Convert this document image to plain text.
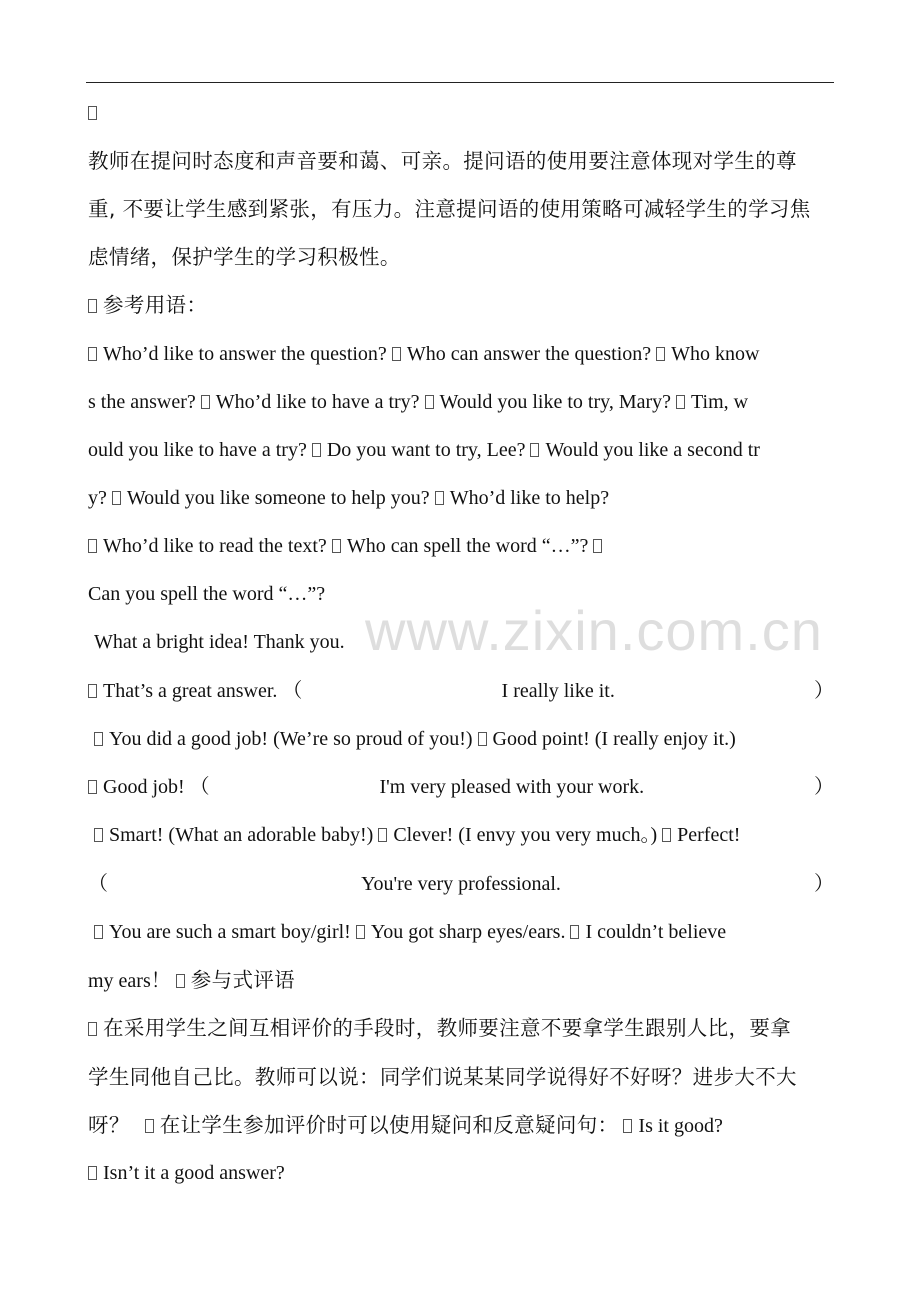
www.zixin.com.cn
教师在提问时态度和声音要和蔼、可亲。提问语的使用要注意体现对学生的尊
重, 不要让学生感到紧张，有压力。注意提问语的使用策略可减轻学生的学习焦
虑情绪，保护学生的学习积极性。
参考用语：
Who’d like to answer the question? Who can answer the question? Who know
s the answer? Who’d like to have a try? Would you like to try, Mary? Tim, w
ould you like to have a try? Do you want to try, Lee? Would you like a second tr
y? Would you like someone to help you? Who’d like to help?
Who’d like to read the text? Who can spell the word “…”?
Can you spell the word “…”?
What a bright idea! Thank you.
That’s a great answer. （	I really like it.	）
You did a good job! (We’re so proud of you!) Good point! (I really enjoy it.)
Good job! （	I'm very pleased with your work.	）
Smart! (What an adorable baby!) Clever! (I envy you very much。) Perfect!
（	You're very professional.	）
You are such a smart boy/girl! You got sharp eyes/ears. I couldn’t believe
my ears！ 参与式评语
在采用学生之间互相评价的手段时，教师要注意不要拿学生跟别人比，要拿
学生同他自己比。教师可以说：同学们说某某同学说得好不好呀？进步大不大
呀？ 在让学生参加评价时可以使用疑问和反意疑问句： Is it good?
Isn’t it a good answer?
